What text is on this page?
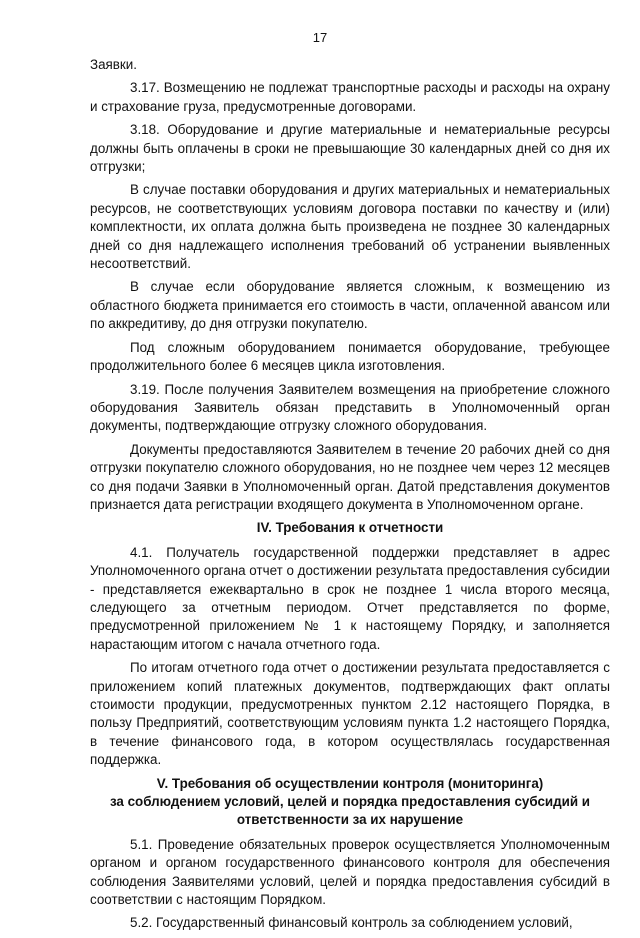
17

Заявки.

3.17. Возмещению не подлежат транспортные расходы и расходы на охрану и страхование груза, предусмотренные договорами.

3.18. Оборудование и другие материальные и нематериальные ресурсы должны быть оплачены в сроки не превышающие 30 календарных дней со дня их отгрузки;

В случае поставки оборудования и других материальных и нематериальных ресурсов, не соответствующих условиям договора поставки по качеству и (или) комплектности, их оплата должна быть произведена не позднее 30 календарных дней со дня надлежащего исполнения требований об устранении выявленных несоответствий.

В случае если оборудование является сложным, к возмещению из областного бюджета принимается его стоимость в части, оплаченной авансом или по аккредитиву, до дня отгрузки покупателю.

Под сложным оборудованием понимается оборудование, требующее продолжительного более 6 месяцев цикла изготовления.

3.19. После получения Заявителем возмещения на приобретение сложного оборудования Заявитель обязан представить в Уполномоченный орган документы, подтверждающие отгрузку сложного оборудования.

Документы предоставляются Заявителем в течение 20 рабочих дней со дня отгрузки покупателю сложного оборудования, но не позднее чем через 12 месяцев со дня подачи Заявки в Уполномоченный орган. Датой представления документов признается дата регистрации входящего документа в Уполномоченном органе.

IV. Требования к отчетности

4.1. Получатель государственной поддержки представляет в адрес Уполномоченного органа отчет о достижении результата предоставления субсидии - представляется ежеквартально в срок не позднее 1 числа второго месяца, следующего за отчетным периодом. Отчет представляется по форме, предусмотренной приложением № 1 к настоящему Порядку, и заполняется нарастающим итогом с начала отчетного года.

По итогам отчетного года отчет о достижении результата предоставляется с приложением копий платежных документов, подтверждающих факт оплаты стоимости продукции, предусмотренных пунктом 2.12 настоящего Порядка, в пользу Предприятий, соответствующим условиям пункта 1.2 настоящего Порядка, в течение финансового года, в котором осуществлялась государственная поддержка.

V. Требования об осуществлении контроля (мониторинга)
за соблюдением условий, целей и порядка предоставления субсидий и
ответственности за их нарушение

5.1. Проведение обязательных проверок осуществляется Уполномоченным органом и органом государственного финансового контроля для обеспечения соблюдения Заявителями условий, целей и порядка предоставления субсидий в соответствии с настоящим Порядком.

5.2. Государственный финансовый контроль за соблюдением условий,
